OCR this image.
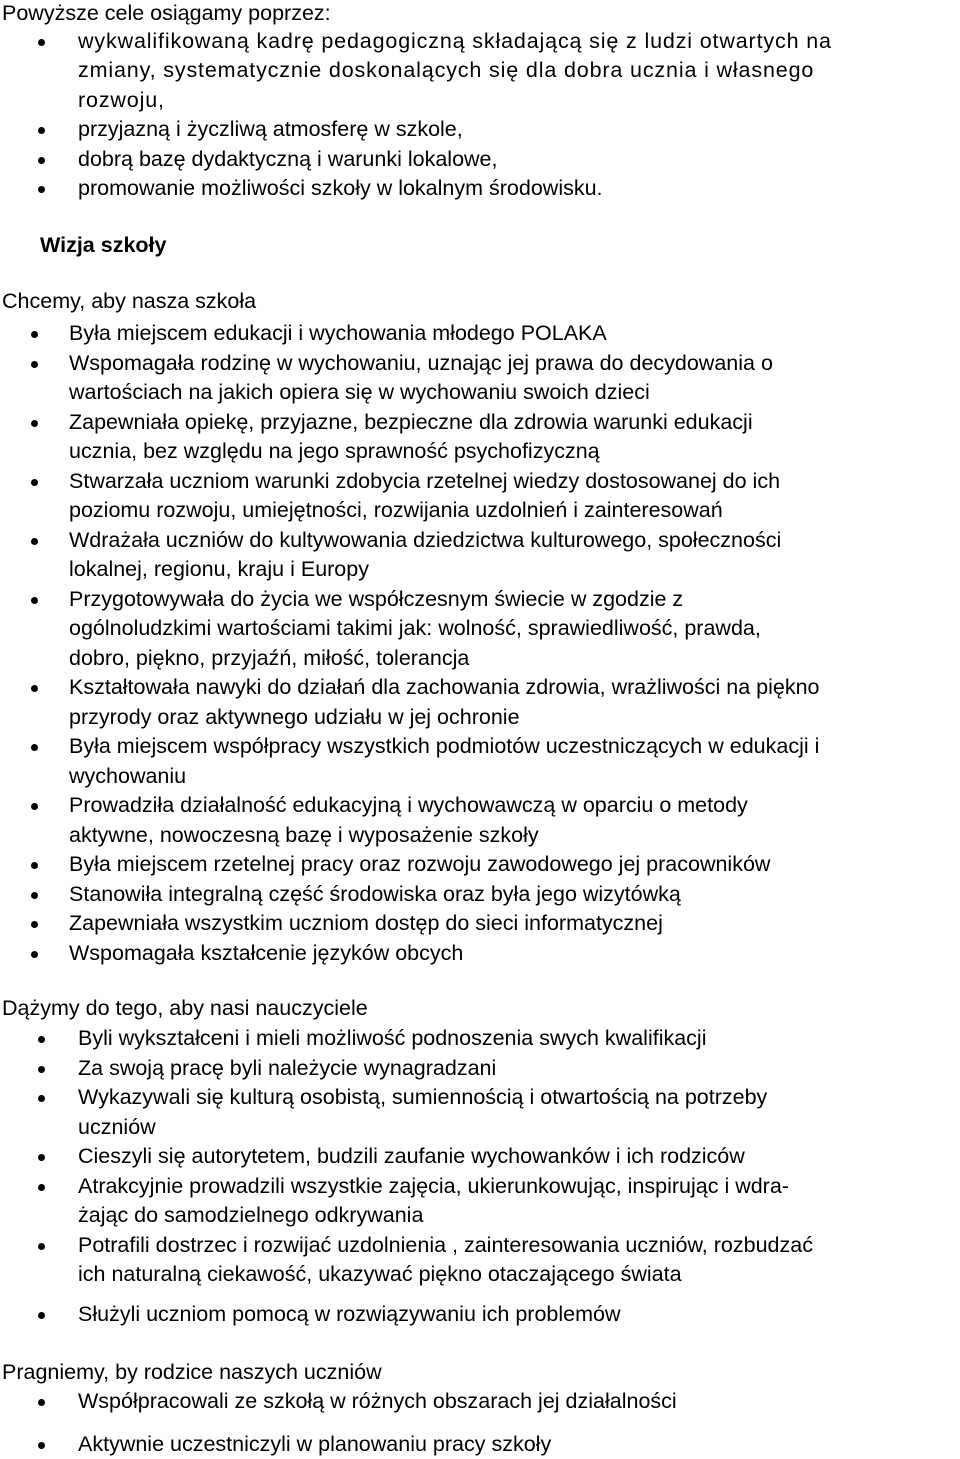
Powyższe cele osiągamy poprzez:
wykwalifikowaną kadrę pedagogiczną składającą się z ludzi otwartych na
zmiany, systematycznie doskonalących się dla dobra ucznia i własnego
rozwoju,
przyjazną i życzliwą atmosferę w szkole,
dobrą bazę dydaktyczną i warunki lokalowe,
promowanie możliwości szkoły w lokalnym środowisku.
Wizja szkoły
Chcemy, aby nasza szkoła
Była miejscem edukacji i wychowania młodego POLAKA
Wspomagała rodzinę w wychowaniu, uznając jej prawa do decydowania o
wartościach na jakich opiera się w wychowaniu swoich dzieci
Zapewniała opiekę, przyjazne, bezpieczne dla zdrowia warunki edukacji
ucznia, bez względu na jego sprawność psychofizyczną
Stwarzała uczniom warunki zdobycia rzetelnej wiedzy dostosowanej do ich
poziomu rozwoju, umiejętności, rozwijania uzdolnień i zainteresowań
Wdrażała uczniów do kultywowania dziedzictwa kulturowego, społeczności
lokalnej, regionu, kraju i Europy
Przygotowywała do życia we współczesnym świecie w zgodzie z
ogólnoludzkimi wartościami takimi jak: wolność, sprawiedliwość, prawda,
dobro, piękno, przyjaźń, miłość, tolerancja
Kształtowała nawyki do działań dla zachowania zdrowia, wrażliwości na piękno
przyrody oraz aktywnego udziału w jej ochronie
Była miejscem współpracy wszystkich podmiotów uczestniczących w edukacji i
wychowaniu
Prowadziła działalność edukacyjną i wychowawczą w oparciu o metody
aktywne, nowoczesną bazę i wyposażenie szkoły
Była miejscem rzetelnej pracy oraz rozwoju zawodowego jej pracowników
Stanowiła integralną część środowiska oraz była jego wizytówką
Zapewniała wszystkim uczniom dostęp do sieci informatycznej
Wspomagała kształcenie języków obcych
Dążymy do tego, aby nasi nauczyciele
Byli wykształceni i mieli możliwość podnoszenia swych kwalifikacji
Za swoją pracę byli należycie wynagradzani
Wykazywali się kulturą osobistą, sumiennością i otwartością na potrzeby
uczniów
Cieszyli się autorytetem, budzili zaufanie wychowanków i ich rodziców
Atrakcyjnie prowadzili wszystkie zajęcia, ukierunkowując, inspirując i wdra-
żając do samodzielnego odkrywania
Potrafili dostrzec i rozwijać uzdolnienia , zainteresowania uczniów, rozbudzać
ich naturalną ciekawość, ukazywać piękno otaczającego świata
Służyli uczniom pomocą w rozwiązywaniu ich problemów
Pragniemy, by rodzice naszych uczniów
Współpracowali ze szkołą w różnych obszarach jej działalności
Aktywnie uczestniczyli w planowaniu pracy szkoły
